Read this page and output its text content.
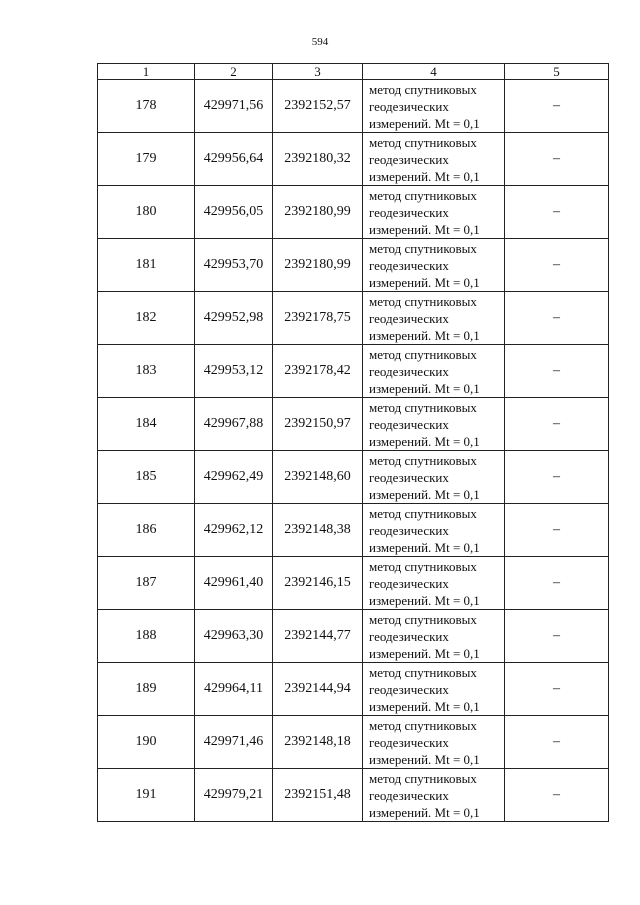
594
1	2	3	4	5
178	429971,56	2392152,57	метод спутниковых
геодезических
измерений. Mt = 0,1	–
179	429956,64	2392180,32	метод спутниковых
геодезических
измерений. Mt = 0,1	–
180	429956,05	2392180,99	метод спутниковых
геодезических
измерений. Mt = 0,1	–
181	429953,70	2392180,99	метод спутниковых
геодезических
измерений. Mt = 0,1	–
182	429952,98	2392178,75	метод спутниковых
геодезических
измерений. Mt = 0,1	–
183	429953,12	2392178,42	метод спутниковых
геодезических
измерений. Mt = 0,1	–
184	429967,88	2392150,97	метод спутниковых
геодезических
измерений. Mt = 0,1	–
185	429962,49	2392148,60	метод спутниковых
геодезических
измерений. Mt = 0,1	–
186	429962,12	2392148,38	метод спутниковых
геодезических
измерений. Mt = 0,1	–
187	429961,40	2392146,15	метод спутниковых
геодезических
измерений. Mt = 0,1	–
188	429963,30	2392144,77	метод спутниковых
геодезических
измерений. Mt = 0,1	–
189	429964,11	2392144,94	метод спутниковых
геодезических
измерений. Mt = 0,1	–
190	429971,46	2392148,18	метод спутниковых
геодезических
измерений. Mt = 0,1	–
191	429979,21	2392151,48	метод спутниковых
геодезических
измерений. Mt = 0,1	–
